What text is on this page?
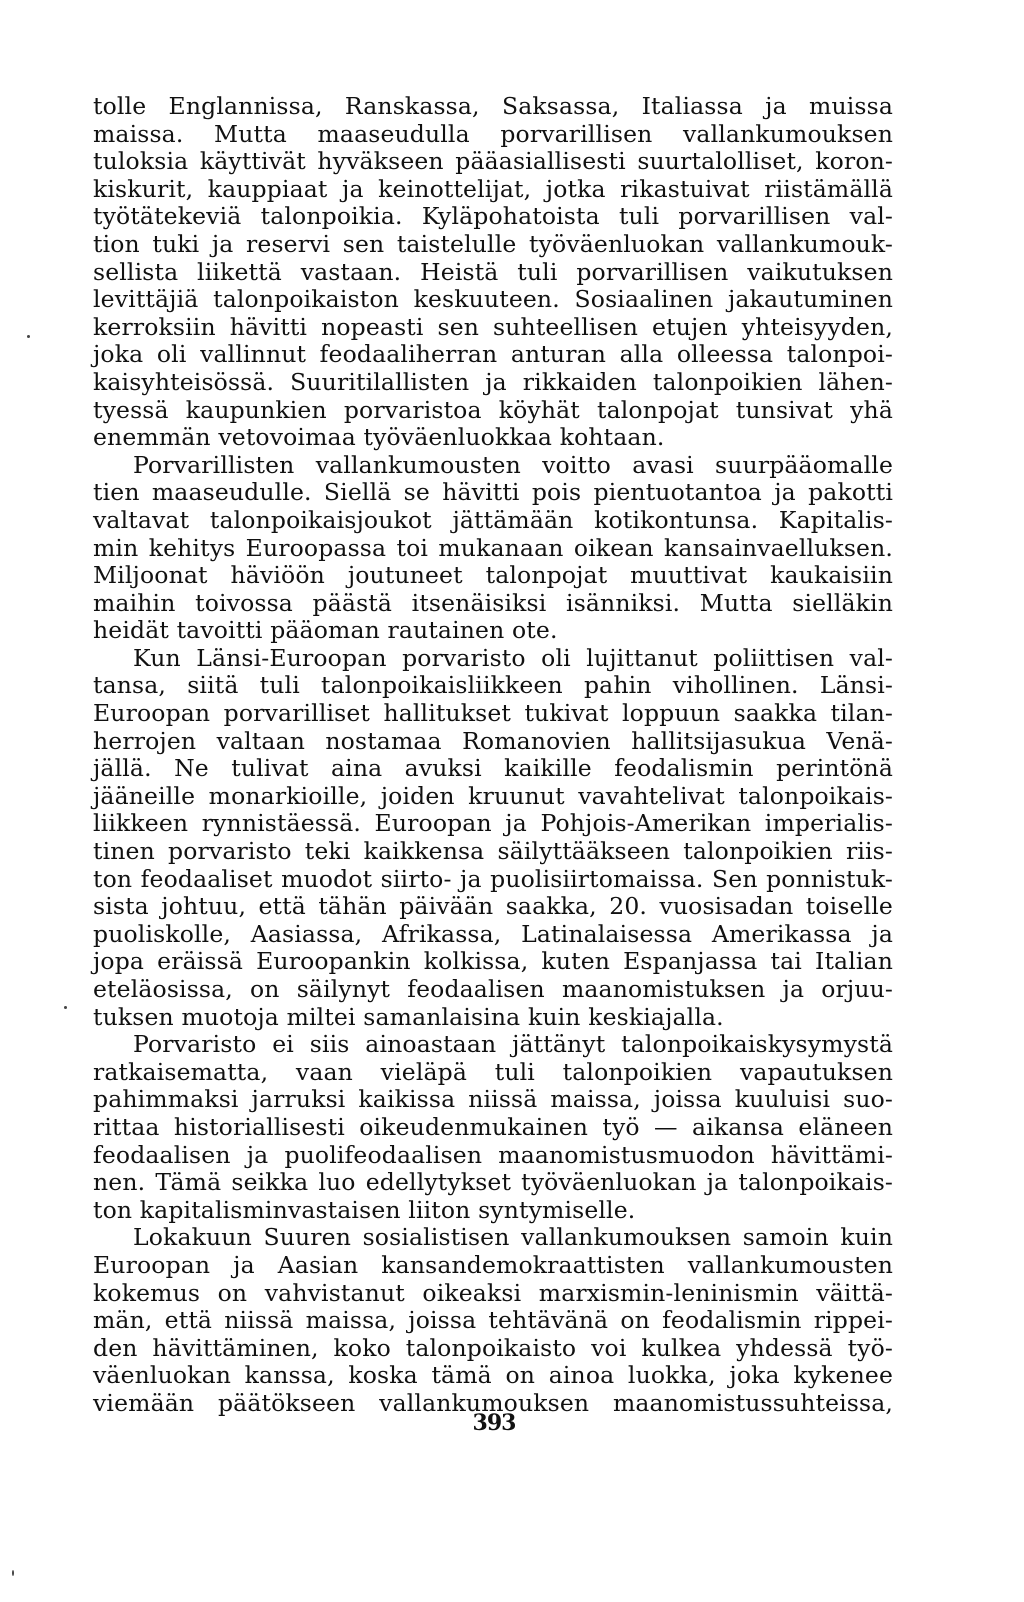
tolle Englannissa, Ranskassa, Saksassa, Italiassa ja muissa
maissa. Mutta maaseudulla porvarillisen vallankumouksen
tuloksia käyttivät hyväkseen pääasiallisesti suurtalolliset, koron-
kiskurit, kauppiaat ja keinottelijat, jotka rikastuivat riistämällä
työtätekeviä talonpoikia. Kyläpohatoista tuli porvarillisen val-
tion tuki ja reservi sen taistelulle työväenluokan vallankumouk-
sellista liikettä vastaan. Heistä tuli porvarillisen vaikutuksen
levittäjiä talonpoikaiston keskuuteen. Sosiaalinen jakautuminen
kerroksiin hävitti nopeasti sen suhteellisen etujen yhteisyyden,
joka oli vallinnut feodaaliherran anturan alla olleessa talonpoi-
kaisyhteisössä. Suuritilallisten ja rikkaiden talonpoikien lähen-
tyessä kaupunkien porvaristoa köyhät talonpojat tunsivat yhä
enemmän vetovoimaa työväenluokkaa kohtaan.
Porvarillisten vallankumousten voitto avasi suurpääomalle
tien maaseudulle. Siellä se hävitti pois pientuotantoa ja pakotti
valtavat talonpoikaisjoukot jättämään kotikontunsa. Kapitalis-
min kehitys Euroopassa toi mukanaan oikean kansainvaelluksen.
Miljoonat häviöön joutuneet talonpojat muuttivat kaukaisiin
maihin toivossa päästä itsenäisiksi isänniksi. Mutta sielläkin
heidät tavoitti pääoman rautainen ote.
Kun Länsi-Euroopan porvaristo oli lujittanut poliittisen val-
tansa, siitä tuli talonpoikaisliikkeen pahin vihollinen. Länsi-
Euroopan porvarilliset hallitukset tukivat loppuun saakka tilan-
herrojen valtaan nostamaa Romanovien hallitsijasukua Venä-
jällä. Ne tulivat aina avuksi kaikille feodalismin perintönä
jääneille monarkioille, joiden kruunut vavahtelivat talonpoikais-
liikkeen rynnistäessä. Euroopan ja Pohjois-Amerikan imperialis-
tinen porvaristo teki kaikkensa säilyttääkseen talonpoikien riis-
ton feodaaliset muodot siirto- ja puolisiirtomaissa. Sen ponnistuk-
sista johtuu, että tähän päivään saakka, 20. vuosisadan toiselle
puoliskolle, Aasiassa, Afrikassa, Latinalaisessa Amerikassa ja
jopa eräissä Euroopankin kolkissa, kuten Espanjassa tai Italian
eteläosissa, on säilynyt feodaalisen maanomistuksen ja orjuu-
tuksen muotoja miltei samanlaisina kuin keskiajalla.
Porvaristo ei siis ainoastaan jättänyt talonpoikaiskysymystä
ratkaisematta, vaan vieläpä tuli talonpoikien vapautuksen
pahimmaksi jarruksi kaikissa niissä maissa, joissa kuuluisi suo-
rittaa historiallisesti oikeudenmukainen työ — aikansa eläneen
feodaalisen ja puolifeodaalisen maanomistusmuodon hävittämi-
nen. Tämä seikka luo edellytykset työväenluokan ja talonpoikais-
ton kapitalisminvastaisen liiton syntymiselle.
Lokakuun Suuren sosialistisen vallankumouksen samoin kuin
Euroopan ja Aasian kansandemokraattisten vallankumousten
kokemus on vahvistanut oikeaksi marxismin-leninismin väittä-
män, että niissä maissa, joissa tehtävänä on feodalismin rippei-
den hävittäminen, koko talonpoikaisto voi kulkea yhdessä työ-
väenluokan kanssa, koska tämä on ainoa luokka, joka kykenee
viemään päätökseen vallankumouksen maanomistussuhteissa,
393
